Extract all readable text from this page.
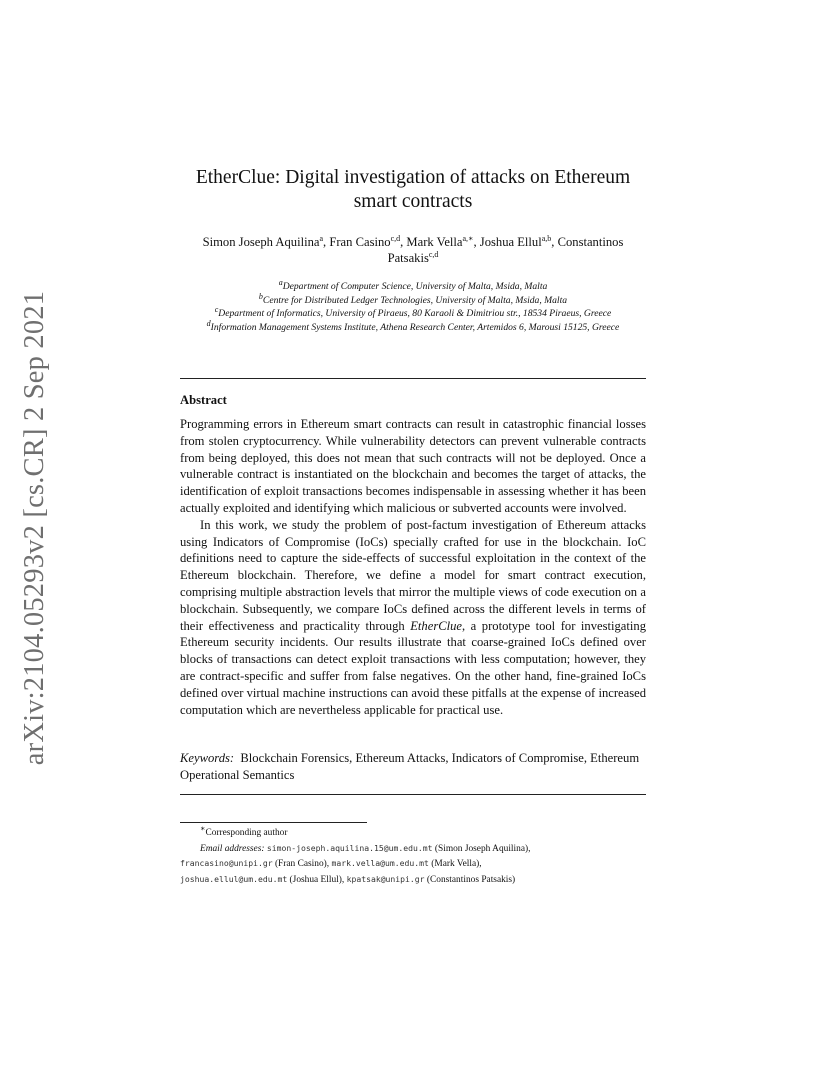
arXiv:2104.05293v2 [cs.CR] 2 Sep 2021
EtherClue: Digital investigation of attacks on Ethereum
smart contracts
Simon Joseph Aquilina$^a$, Fran Casino$^{c,d}$, Mark Vella$^{a,∗}$, Joshua Ellul$^{a,b}$, Constantinos Patsakis$^{c,d}$
$^a$Department of Computer Science, University of Malta, Msida, Malta
$^b$Centre for Distributed Ledger Technologies, University of Malta, Msida, Malta
$^c$Department of Informatics, University of Piraeus, 80 Karaoli & Dimitriou str., 18534 Piraeus, Greece
$^d$Information Management Systems Institute, Athena Research Center, Artemidos 6, Marousi 15125, Greece
Abstract

Programming errors in Ethereum smart contracts can result in catastrophic financial losses from stolen cryptocurrency. While vulnerability detectors can prevent vulnerable contracts from being deployed, this does not mean that such contracts will not be deployed. Once a vulnerable contract is instantiated on the blockchain and becomes the target of attacks, the identification of exploit transactions becomes indispensable in assessing whether it has been actually exploited and identifying which malicious or subverted accounts were involved.

In this work, we study the problem of post-factum investigation of Ethereum attacks using Indicators of Compromise (IoCs) specially crafted for use in the blockchain. IoC definitions need to capture the side-effects of successful exploitation in the context of the Ethereum blockchain. Therefore, we define a model for smart contract execution, comprising multiple abstraction levels that mirror the multiple views of code execution on a blockchain. Subsequently, we compare IoCs defined across the different levels in terms of their effectiveness and practicality through EtherClue, a prototype tool for investigating Ethereum security incidents. Our results illustrate that coarse-grained IoCs defined over blocks of transactions can detect exploit transactions with less computation; however, they are contract-specific and suffer from false negatives. On the other hand, fine-grained IoCs defined over virtual machine instructions can avoid these pitfalls at the expense of increased computation which are nevertheless applicable for practical use.

Keywords: Blockchain Forensics, Ethereum Attacks, Indicators of Compromise, Ethereum Operational Semantics
∗Corresponding author
Email addresses: simon-joseph.aquilina.15@um.edu.mt (Simon Joseph Aquilina),
francasino@unipi.gr (Fran Casino), mark.vella@um.edu.mt (Mark Vella),
joshua.ellul@um.edu.mt (Joshua Ellul), kpatsak@unipi.gr (Constantinos Patsakis)
